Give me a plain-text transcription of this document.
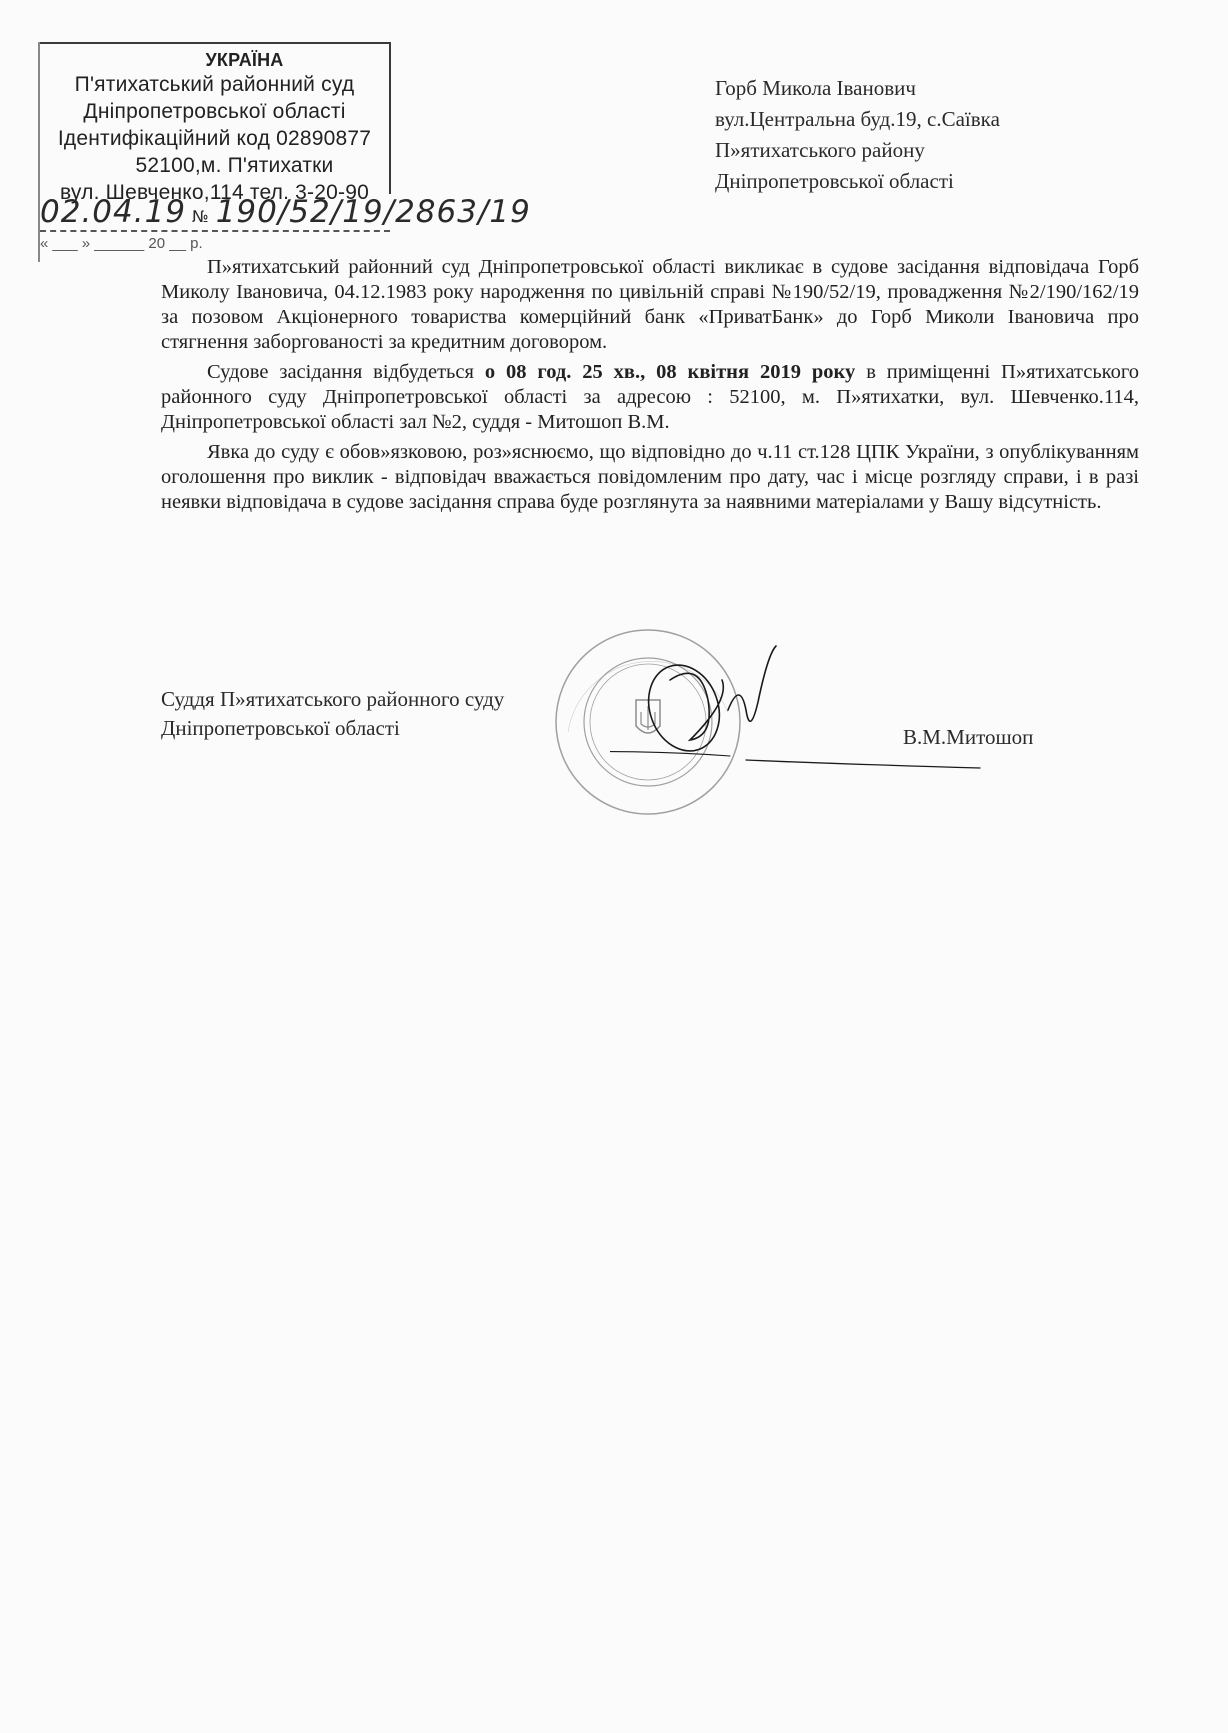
УКРАЇНА
П'ятихатський районний суд
Дніпропетровської області
Ідентифікаційний код 02890877
52100,м. П'ятихатки
вул. Шевченко,114 тел. 3-20-90
02.04.19 № 190/52/19/2863/19
« ___ » ______ 20 __ р.
Горб Микола Іванович
вул.Центральна буд.19, с.Саївка
П»ятихатського району
Дніпропетровської області

П»ятихатський районний суд Дніпропетровської області викликає в судове засідання відповідача Горб Миколу Івановича, 04.12.1983 року народження по цивільній справі №190/52/19, провадження №2/190/162/19 за позовом Акціонерного товариства комерційний банк «ПриватБанк» до Горб Миколи Івановича про стягнення заборгованості за кредитним договором.

Судове засідання відбудеться о 08 год. 25 хв., 08 квітня 2019 року в приміщенні П»ятихатського районного суду Дніпропетровської області за адресою : 52100, м. П»ятихатки, вул. Шевченко.114, Дніпропетровської області зал №2, суддя - Митошоп В.М.

Явка до суду є обов»язковою, роз»яснюємо, що відповідно до ч.11 ст.128 ЦПК України, з опублікуванням оголошення про виклик - відповідач вважається повідомленим про дату, час і місце розгляду справи, і в разі неявки відповідача в судове засідання справа буде розглянута за наявними матеріалами у Вашу відсутність.

Суддя П»ятихатського районного суду
Дніпропетровської області	В.М.Митошоп
